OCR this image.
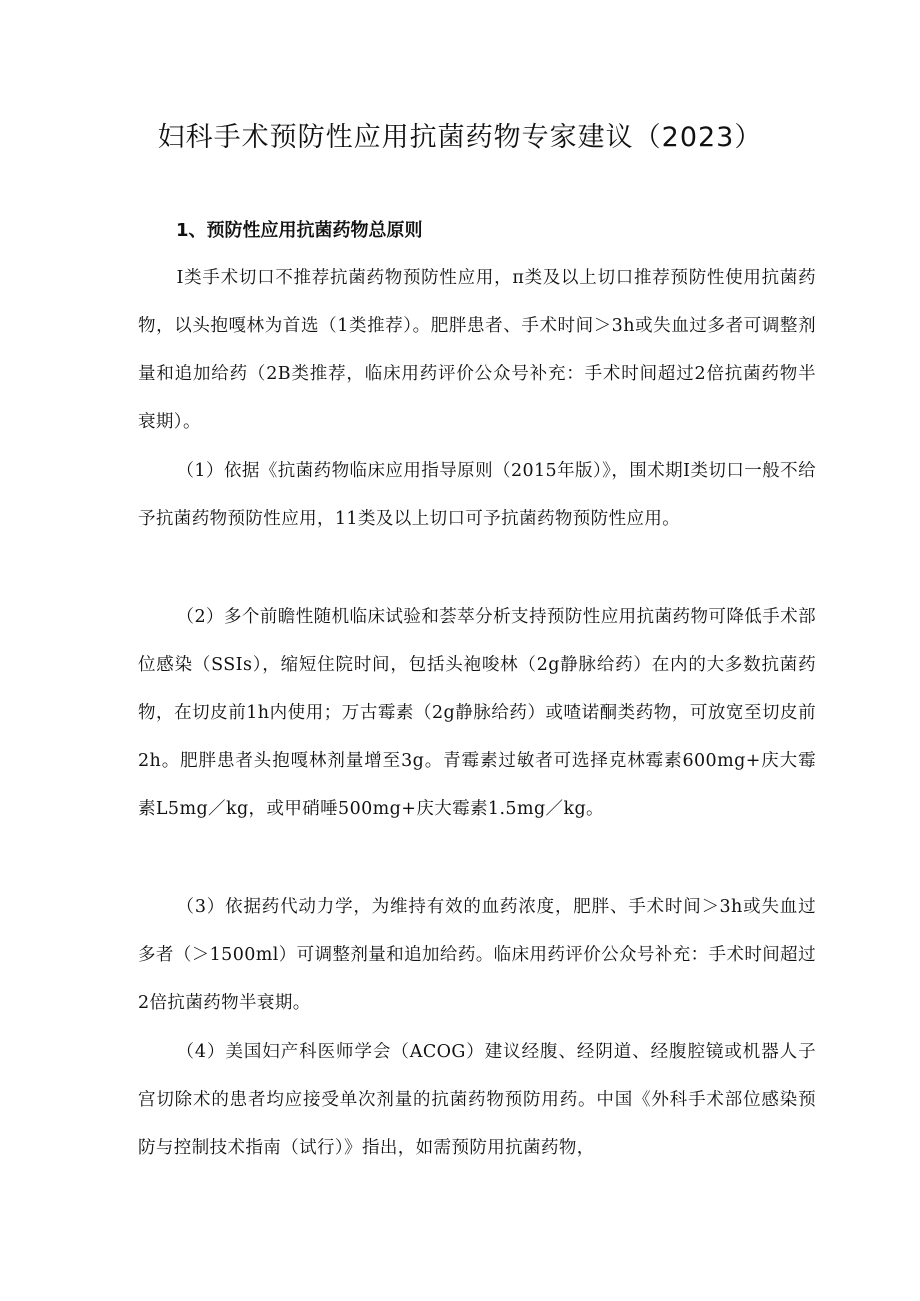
妇科手术预防性应用抗菌药物专家建议（2023）
1、预防性应用抗菌药物总原则

Ⅰ类手术切口不推荐抗菌药物预防性应用，π类及以上切口推荐预防性使用抗菌药物，以头抱嘎林为首选（1类推荐）。肥胖患者、手术时间＞3h或失血过多者可调整剂量和追加给药（2B类推荐，临床用药评价公众号补充：手术时间超过2倍抗菌药物半衰期）。

（1）依据《抗菌药物临床应用指导原则（2015年版）》，围术期Ⅰ类切口一般不给予抗菌药物预防性应用，11类及以上切口可予抗菌药物预防性应用。

（2）多个前瞻性随机临床试验和荟萃分析支持预防性应用抗菌药物可降低手术部位感染（SSIs），缩短住院时间，包括头袍唆林（2g静脉给药）在内的大多数抗菌药物，在切皮前1h内使用；万古霉素（2g静脉给药）或喳诺酮类药物，可放宽至切皮前2h。肥胖患者头抱嘎林剂量增至3g。青霉素过敏者可选择克林霉素600mg+庆大霉素L5mg／kg，或甲硝唾500mg+庆大霉素1.5mg／kg。

（3）依据药代动力学，为维持有效的血药浓度，肥胖、手术时间＞3h或失血过多者（＞1500ml）可调整剂量和追加给药。临床用药评价公众号补充：手术时间超过2倍抗菌药物半衰期。

（4）美国妇产科医师学会（ACOG）建议经腹、经阴道、经腹腔镜或机器人子宫切除术的患者均应接受单次剂量的抗菌药物预防用药。中国《外科手术部位感染预防与控制技术指南（试行）》指出，如需预防用抗菌药物，
